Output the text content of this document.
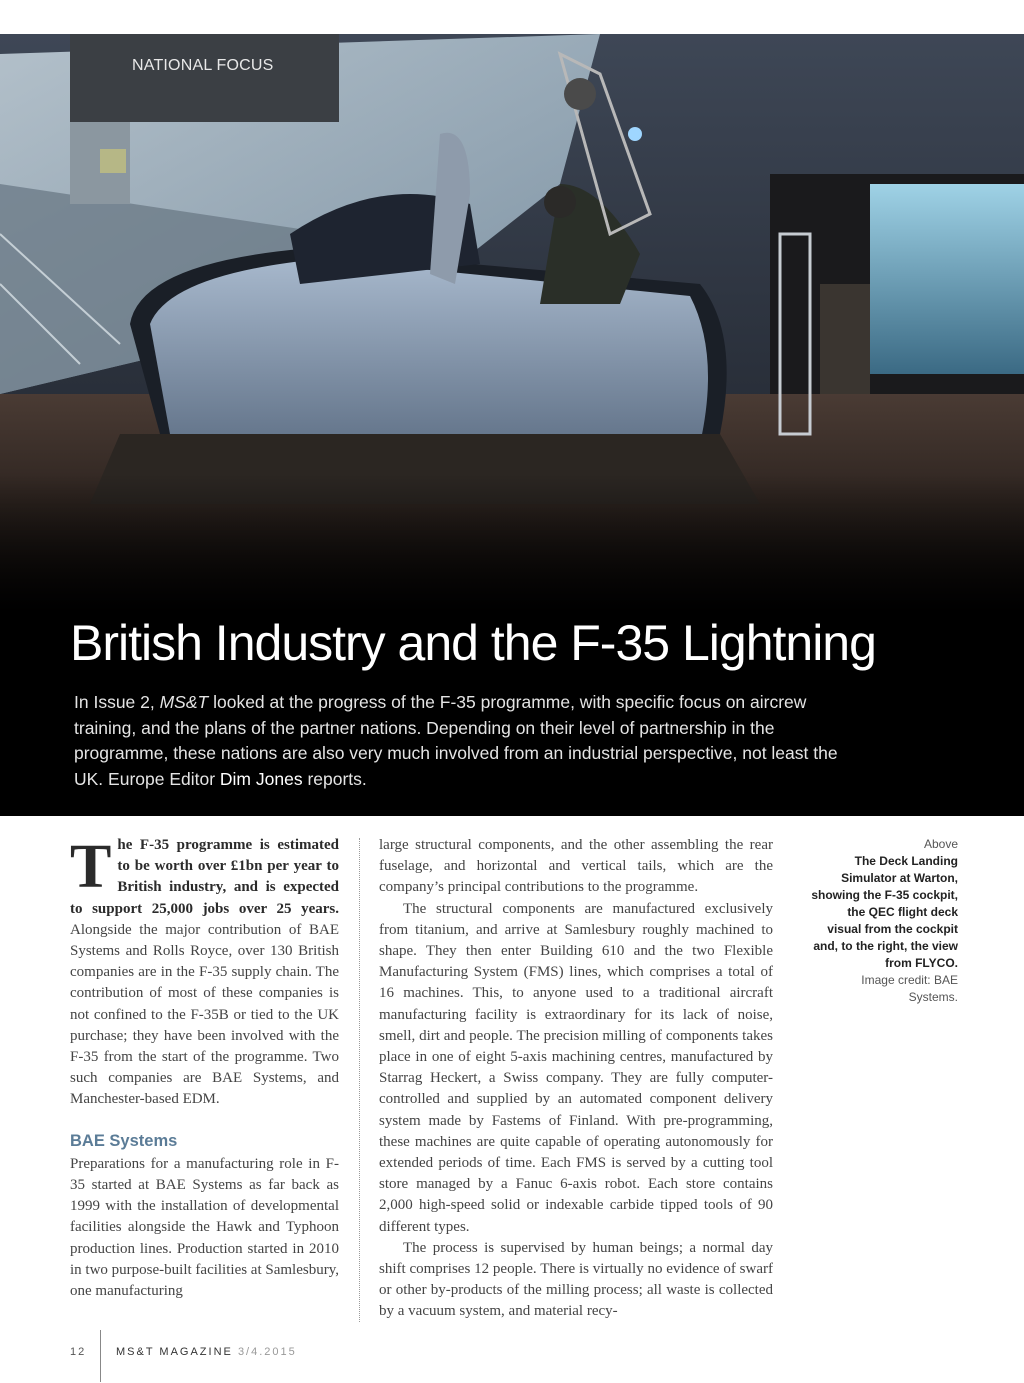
NATIONAL FOCUS
British Industry and the F-35 Lightning

In Issue 2, MS&T looked at the progress of the F-35 programme, with specific focus on aircrew training, and the plans of the partner nations. Depending on their level of partnership in the programme, these nations are also very much involved from an industrial perspective, not least the UK. Europe Editor Dim Jones reports.

The F-35 programme is estimated to be worth over £1bn per year to British industry, and is expected to support 25,000 jobs over 25 years. Alongside the major contribution of BAE Systems and Rolls Royce, over 130 British companies are in the F-35 supply chain. The contribution of most of these companies is not confined to the F-35B or tied to the UK purchase; they have been involved with the F-35 from the start of the programme. Two such companies are BAE Systems, and Manchester-based EDM.

BAE Systems

Preparations for a manufacturing role in F-35 started at BAE Systems as far back as 1999 with the installation of developmental facilities alongside the Hawk and Typhoon production lines. Production started in 2010 in two purpose-built facilities at Samlesbury, one manufacturing

large structural components, and the other assembling the rear fuselage, and horizontal and vertical tails, which are the company’s principal contributions to the programme.

The structural components are manufactured exclusively from titanium, and arrive at Samlesbury roughly machined to shape. They then enter Building 610 and the two Flexible Manufacturing System (FMS) lines, which comprises a total of 16 machines. This, to anyone used to a traditional aircraft manufacturing facility is extraordinary for its lack of noise, smell, dirt and people. The precision milling of components takes place in one of eight 5-axis machining centres, manufactured by Starrag Heckert, a Swiss company. They are fully computer-controlled and supplied by an automated component delivery system made by Fastems of Finland. With pre-programming, these machines are quite capable of operating autonomously for extended periods of time. Each FMS is served by a cutting tool store managed by a Fanuc 6-axis robot. Each store contains 2,000 high-speed solid or indexable carbide tipped tools of 90 different types.

The process is supervised by human beings; a normal day shift comprises 12 people. There is virtually no evidence of swarf or other by-products of the milling process; all waste is collected by a vacuum system, and material recy-

Above
The Deck Landing Simulator at Warton, showing the F-35 cockpit, the QEC flight deck visual from the cockpit and, to the right, the view from FLYCO.
Image credit: BAE Systems.
12	MS&T MAGAZINE 3/4.2015
